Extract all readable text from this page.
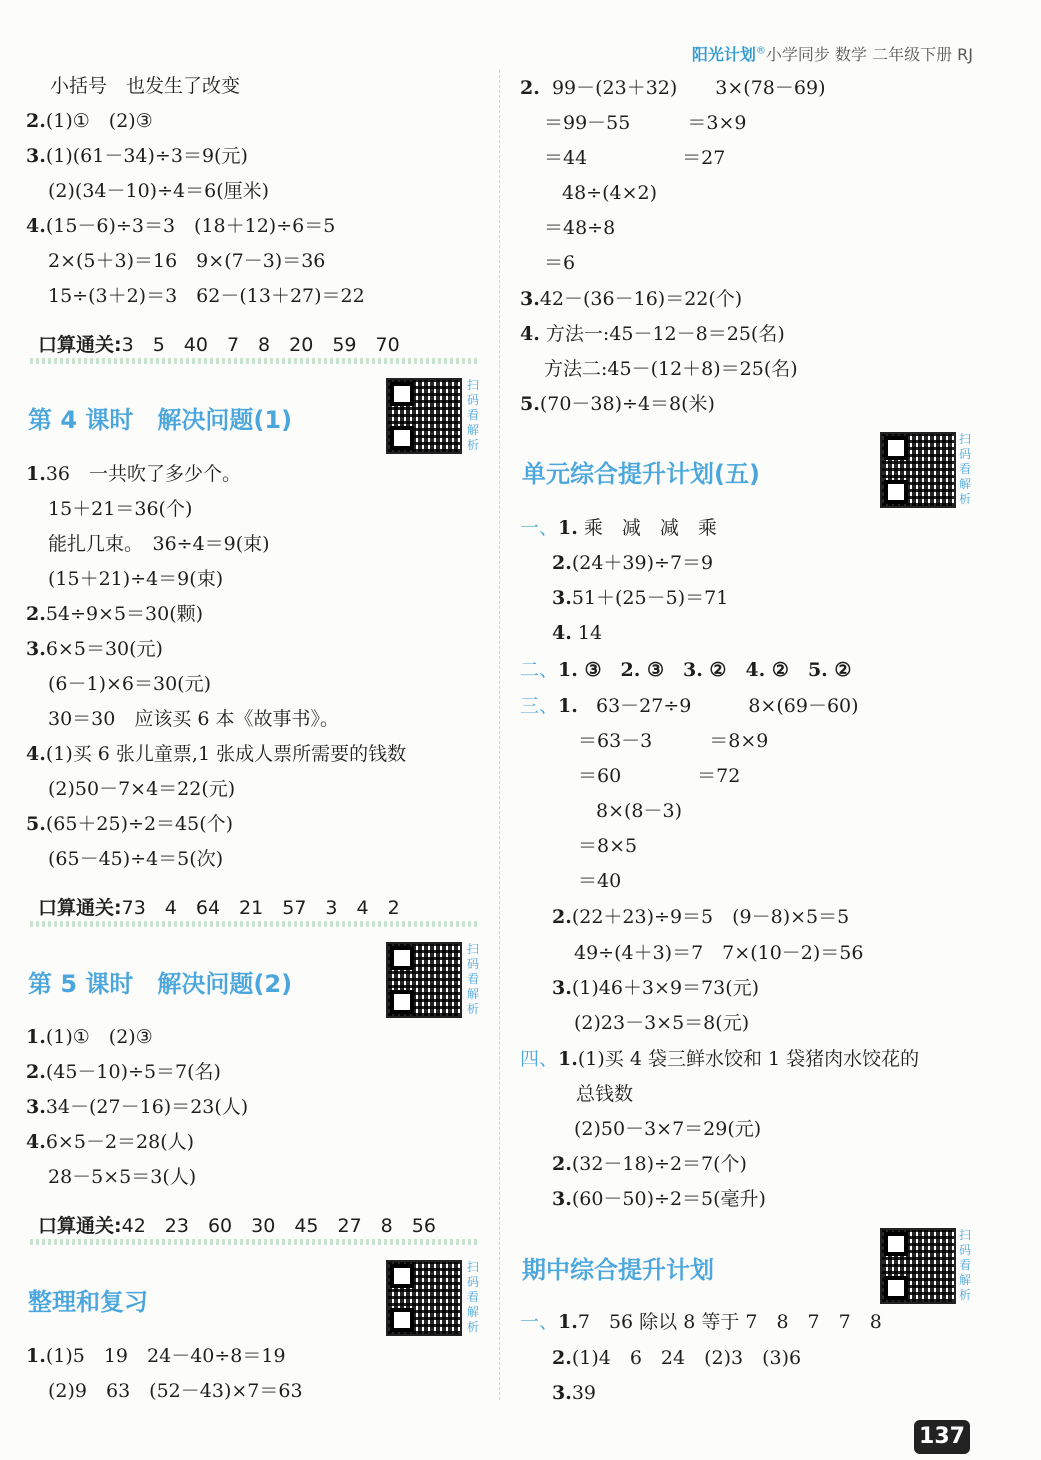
阳光计划®小学同步 数学 二年级下册 RJ
小括号　也发生了改变
2.(1)①　(2)③
3.(1)(61－34)÷3＝9(元)
(2)(34－10)÷4＝6(厘米)
4.(15－6)÷3＝3　(18＋12)÷6＝5
2×(5＋3)＝16　9×(7－3)＝36
15÷(3＋2)＝3　62－(13＋27)＝22
口算通关:3　5　40　7　8　20　59　70
第 4 课时　解决问题(1)
扫
码
看
解
析
1.36　一共吹了多少个。
15＋21＝36(个)
能扎几束。　36÷4＝9(束)
(15＋21)÷4＝9(束)
2.54÷9×5＝30(颗)
3.6×5＝30(元)
(6－1)×6＝30(元)
30＝30　应该买 6 本《故事书》。
4.(1)买 6 张儿童票,1 张成人票所需要的钱数
(2)50－7×4＝22(元)
5.(65＋25)÷2＝45(个)
(65－45)÷4＝5(次)
口算通关:73　4　64　21　57　3　4　2
第 5 课时　解决问题(2)
扫
码
看
解
析
1.(1)①　(2)③
2.(45－10)÷5＝7(名)
3.34－(27－16)＝23(人)
4.6×5－2＝28(人)
28－5×5＝3(人)
口算通关:42　23　60　30　45　27　8　56
整理和复习
扫
码
看
解
析
1.(1)5　19　24－40÷8＝19
(2)9　63　(52－43)×7＝63
2. 99－(23＋32)　　3×(78－69)
＝99－55　　　＝3×9
＝44　　　　　＝27
48÷(4×2)
＝48÷8
＝6
3.42－(36－16)＝22(个)
4. 方法一:45－12－8＝25(名)
方法二:45－(12＋8)＝25(名)
5.(70－38)÷4＝8(米)
单元综合提升计划(五)
扫
码
看
解
析
一、1. 乘　减　减　乘
2.(24＋39)÷7＝9
3.51＋(25－5)＝71
4. 14
二、1. ③　2. ③　3. ②　4. ②　5. ②
三、1. 63－27÷9　　　8×(69－60)
＝63－3　　　＝8×9
＝60　　　　＝72
8×(8－3)
＝8×5
＝40
2.(22＋23)÷9＝5　(9－8)×5＝5
49÷(4＋3)＝7　7×(10－2)＝56
3.(1)46＋3×9＝73(元)
(2)23－3×5＝8(元)
四、1.(1)买 4 袋三鲜水饺和 1 袋猪肉水饺花的
总钱数
(2)50－3×7＝29(元)
2.(32－18)÷2＝7(个)
3.(60－50)÷2＝5(毫升)
期中综合提升计划
扫
码
看
解
析
一、1.7　56 除以 8 等于 7　8　7　7　8
2.(1)4　6　24　(2)3　(3)6
3.39
137
